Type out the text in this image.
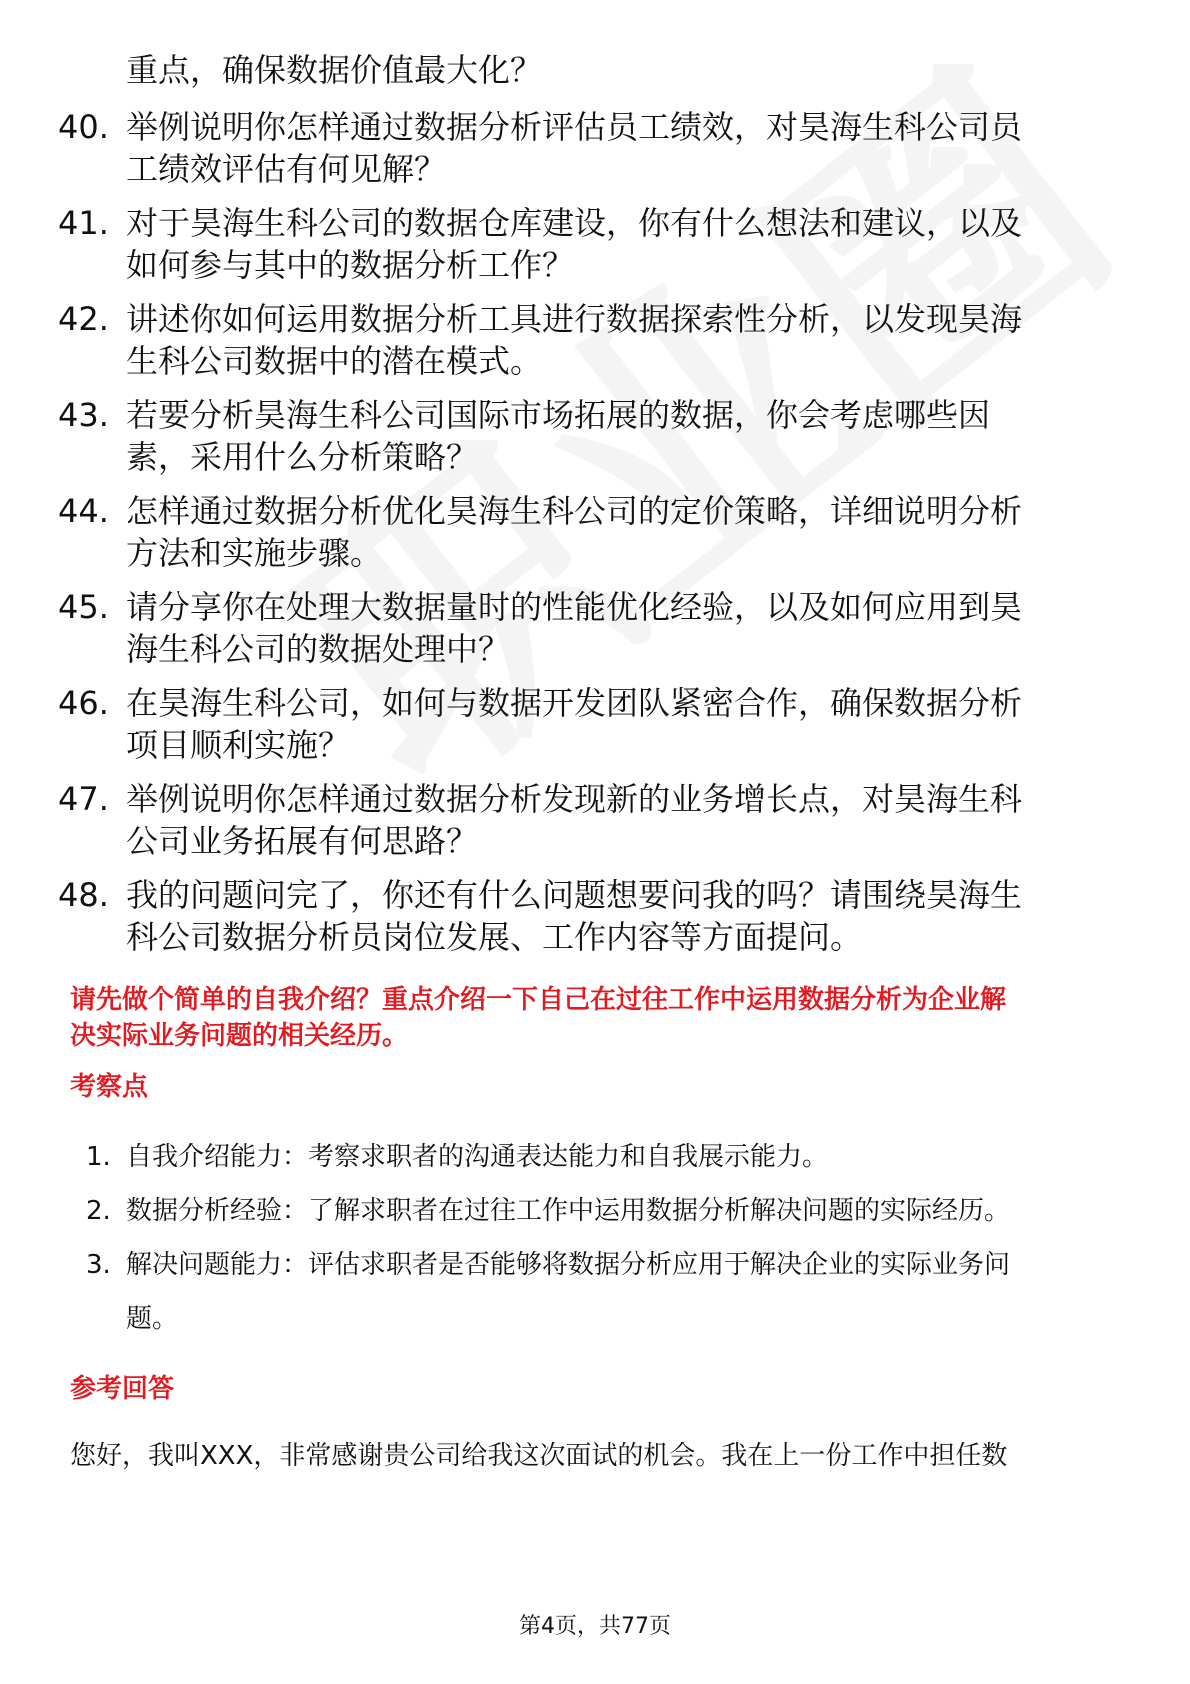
重点，确保数据价值最大化？
40. 举例说明你怎样通过数据分析评估员工绩效，对昊海生科公司员
工绩效评估有何见解？
41. 对于昊海生科公司的数据仓库建设，你有什么想法和建议，以及
如何参与其中的数据分析工作？
42. 讲述你如何运用数据分析工具进行数据探索性分析，以发现昊海
生科公司数据中的潜在模式。
43. 若要分析昊海生科公司国际市场拓展的数据，你会考虑哪些因
素，采用什么分析策略？
44. 怎样通过数据分析优化昊海生科公司的定价策略，详细说明分析
方法和实施步骤。
45. 请分享你在处理大数据量时的性能优化经验，以及如何应用到昊
海生科公司的数据处理中？
46. 在昊海生科公司，如何与数据开发团队紧密合作，确保数据分析
项目顺利实施？
47. 举例说明你怎样通过数据分析发现新的业务增长点，对昊海生科
公司业务拓展有何思路？
48. 我的问题问完了，你还有什么问题想要问我的吗？请围绕昊海生
科公司数据分析员岗位发展、工作内容等方面提问。
请先做个简单的自我介绍？重点介绍一下自己在过往工作中运用数据分析为企业解
决实际业务问题的相关经历。
考察点
1. 自我介绍能力：考察求职者的沟通表达能力和自我展示能力。
2. 数据分析经验：了解求职者在过往工作中运用数据分析解决问题的实际经历。
3. 解决问题能力：评估求职者是否能够将数据分析应用于解决企业的实际业务问
题。
参考回答
您好，我叫XXX，非常感谢贵公司给我这次面试的机会。我在上一份工作中担任数
第4页，共77页
